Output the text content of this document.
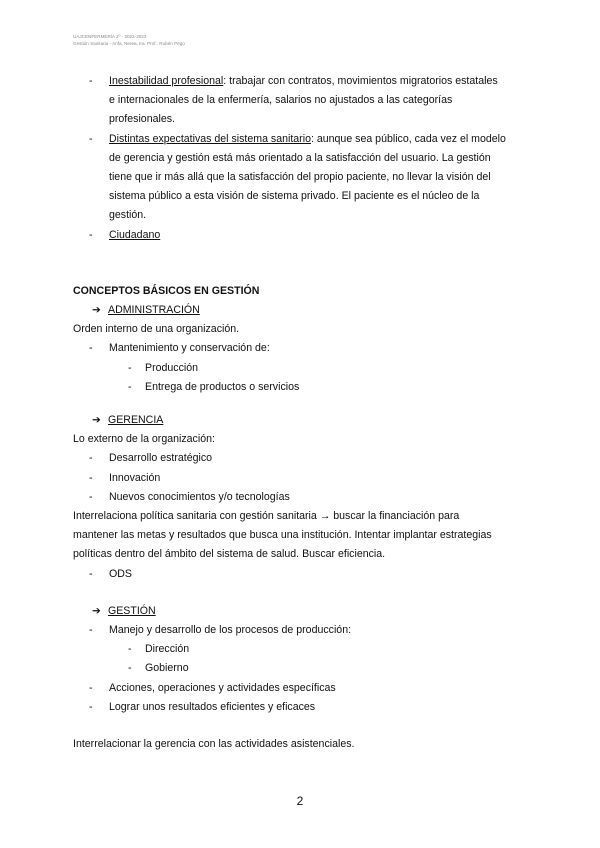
UAJCENFERMERÍA 2º - 2022-2023
Gestión Sanitaria - Anfa, Nerea, Ira. Prof.: Rubén Pego
-	Inestabilidad profesional: trabajar con contratos, movimientos migratorios estatales
e internacionales de la enfermería, salarios no ajustados a las categorías
profesionales.
-	Distintas expectativas del sistema sanitario: aunque sea público, cada vez el modelo
de gerencia y gestión está más orientado a la satisfacción del usuario. La gestión
tiene que ir más allá que la satisfacción del propio paciente, no llevar la visión del
sistema público a esta visión de sistema privado. El paciente es el núcleo de la
gestión.
-	Ciudadano
CONCEPTOS BÁSICOS EN GESTIÓN
➔ ADMINISTRACIÓN
Orden interno de una organización.
-	Mantenimiento y conservación de:
-	Producción
-	Entrega de productos o servicios
➔ GERENCIA
Lo externo de la organización:
-	Desarrollo estratégico
-	Innovación
-	Nuevos conocimientos y/o tecnologías
Interrelaciona política sanitaria con gestión sanitaria → buscar la financiación para
mantener las metas y resultados que busca una institución. Intentar implantar estrategias
políticas dentro del ámbito del sistema de salud. Buscar eficiencia.
-	ODS
➔ GESTIÓN
-	Manejo y desarrollo de los procesos de producción:
-	Dirección
-	Gobierno
-	Acciones, operaciones y actividades específicas
-	Lograr unos resultados eficientes y eficaces
Interrelacionar la gerencia con las actividades asistenciales.
2
